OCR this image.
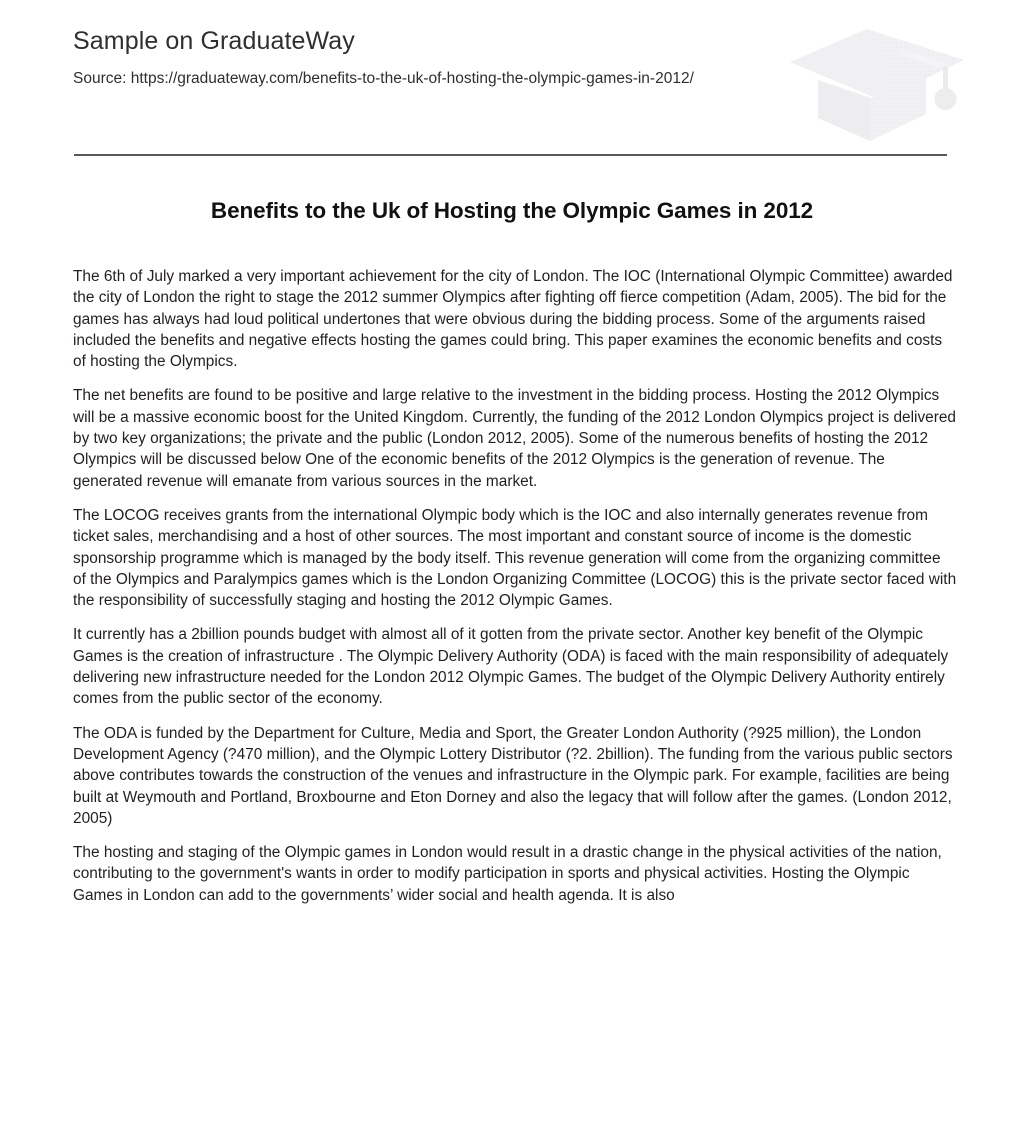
Sample on GraduateWay

Source: https://graduateway.com/benefits-to-the-uk-of-hosting-the-olympic-games-in-2012/

Benefits to the Uk of Hosting the Olympic Games in 2012

The 6th of July marked a very important achievement for the city of London. The IOC (International Olympic Committee) awarded the city of London the right to stage the 2012 summer Olympics after fighting off fierce competition (Adam, 2005). The bid for the games has always had loud political undertones that were obvious during the bidding process. Some of the arguments raised included the benefits and negative effects hosting the games could bring. This paper examines the economic benefits and costs of hosting the Olympics.

The net benefits are found to be positive and large relative to the investment in the bidding process. Hosting the 2012 Olympics will be a massive economic boost for the United Kingdom. Currently, the funding of the 2012 London Olympics project is delivered by two key organizations; the private and the public (London 2012, 2005). Some of the numerous benefits of hosting the 2012 Olympics will be discussed below One of the economic benefits of the 2012 Olympics is the generation of revenue. The generated revenue will emanate from various sources in the market.

The LOCOG receives grants from the international Olympic body which is the IOC and also internally generates revenue from ticket sales, merchandising and a host of other sources. The most important and constant source of income is the domestic sponsorship programme which is managed by the body itself. This revenue generation will come from the organizing committee of the Olympics and Paralympics games which is the London Organizing Committee (LOCOG) this is the private sector faced with the responsibility of successfully staging and hosting the 2012 Olympic Games.

It currently has a 2billion pounds budget with almost all of it gotten from the private sector. Another key benefit of the Olympic Games is the creation of infrastructure . The Olympic Delivery Authority (ODA) is faced with the main responsibility of adequately delivering new infrastructure needed for the London 2012 Olympic Games. The budget of the Olympic Delivery Authority entirely comes from the public sector of the economy.

The ODA is funded by the Department for Culture, Media and Sport, the Greater London Authority (?925 million), the London Development Agency (?470 million), and the Olympic Lottery Distributor (?2. 2billion). The funding from the various public sectors above contributes towards the construction of the venues and infrastructure in the Olympic park. For example, facilities are being built at Weymouth and Portland, Broxbourne and Eton Dorney and also the legacy that will follow after the games. (London 2012, 2005)

The hosting and staging of the Olympic games in London would result in a drastic change in the physical activities of the nation, contributing to the government's wants in order to modify participation in sports and physical activities. Hosting the Olympic Games in London can add to the governments’ wider social and health agenda. It is also
